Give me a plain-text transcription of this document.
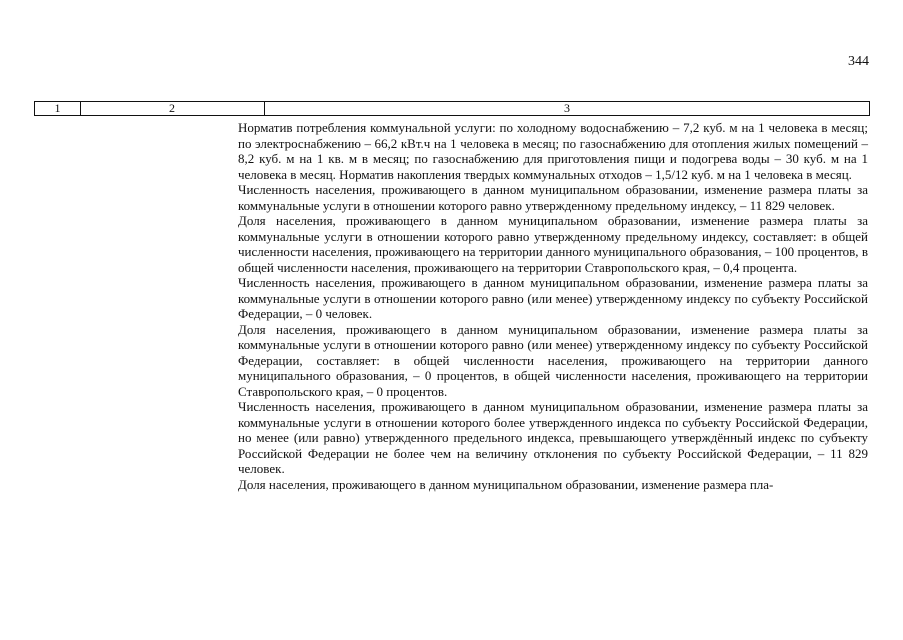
344
1	2	3

Норматив потребления коммунальной услуги: по холодному водоснабжению – 7,2 куб. м на 1 человека в месяц; по электроснабжению – 66,2 кВт.ч на 1 человека в месяц; по газоснабжению для отопления жилых помещений – 8,2 куб. м на 1 кв. м в месяц; по газоснабжению для приготовления пищи и подогрева воды – 30 куб. м на 1 человека в месяц. Норматив накопления твердых коммунальных отходов – 1,5/12 куб. м на 1 человека в месяц.

Численность населения, проживающего в данном муниципальном образовании, изменение размера платы за коммунальные услуги в отношении которого равно утвержденному предельному индексу, – 11 829 человек.

Доля населения, проживающего в данном муниципальном образовании, изменение размера платы за коммунальные услуги в отношении которого равно утвержденному предельному индексу, составляет: в общей численности населения, проживающего на территории данного муниципального образования, – 100 процентов, в общей численности населения, проживающего на территории Ставропольского края, – 0,4 процента.

Численность населения, проживающего в данном муниципальном образовании, изменение размера платы за коммунальные услуги в отношении которого равно (или менее) утвержденному индексу по субъекту Российской Федерации, – 0 человек.

Доля населения, проживающего в данном муниципальном образовании, изменение размера платы за коммунальные услуги в отношении которого равно (или менее) утвержденному индексу по субъекту Российской Федерации, составляет: в общей численности населения, проживающего на территории данного муниципального образования, – 0 процентов, в общей численности населения, проживающего на территории Ставропольского края, – 0 процентов.

Численность населения, проживающего в данном муниципальном образовании, изменение размера платы за коммунальные услуги в отношении которого более утвержденного индекса по субъекту Российской Федерации, но менее (или равно) утвержденного предельного индекса, превышающего утверждённый индекс по субъекту Российской Федерации не более чем на величину отклонения по субъекту Российской Федерации, – 11 829 человек.

Доля населения, проживающего в данном муниципальном образовании, изменение размера пла-
